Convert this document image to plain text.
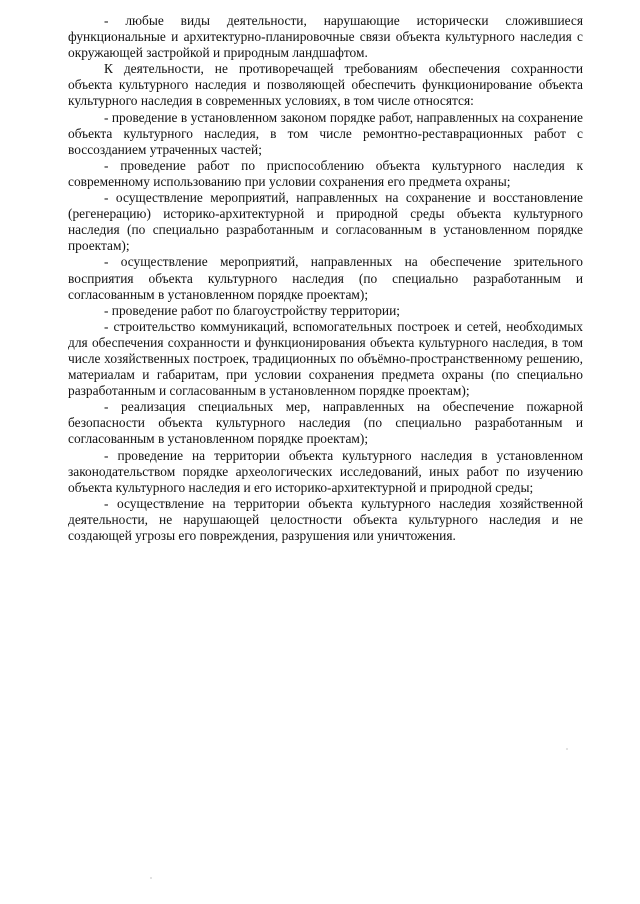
- любые виды деятельности, нарушающие исторически сложившиеся функциональные и архитектурно-планировочные связи объекта культурного наследия с окружающей застройкой и природным ландшафтом.

К деятельности, не противоречащей требованиям обеспечения сохранности объекта культурного наследия и позволяющей обеспечить функционирование объекта культурного наследия в современных условиях, в том числе относятся:

- проведение в установленном законом порядке работ, направленных на сохранение объекта культурного наследия, в том числе ремонтно-реставрационных работ с воссозданием утраченных частей;

- проведение работ по приспособлению объекта культурного наследия к современному использованию при условии сохранения его предмета охраны;

- осуществление мероприятий, направленных на сохранение и восстановление (регенерацию) историко-архитектурной и природной среды объекта культурного наследия (по специально разработанным и согласованным в установленном порядке проектам);

- осуществление мероприятий, направленных на обеспечение зрительного восприятия объекта культурного наследия (по специально разработанным и согласованным в установленном порядке проектам);

- проведение работ по благоустройству территории;

- строительство коммуникаций, вспомогательных построек и сетей, необходимых для обеспечения сохранности и функционирования объекта культурного наследия, в том числе хозяйственных построек, традиционных по объёмно-пространственному решению, материалам и габаритам, при условии сохранения предмета охраны (по специально разработанным и согласованным в установленном порядке проектам);

- реализация специальных мер, направленных на обеспечение пожарной безопасности объекта культурного наследия (по специально разработанным и согласованным в установленном порядке проектам);

- проведение на территории объекта культурного наследия в установленном законодательством порядке археологических исследований, иных работ по изучению объекта культурного наследия и его историко-архитектурной и природной среды;

- осуществление на территории объекта культурного наследия хозяйственной деятельности, не нарушающей целостности объекта культурного наследия и не создающей угрозы его повреждения, разрушения или уничтожения.
